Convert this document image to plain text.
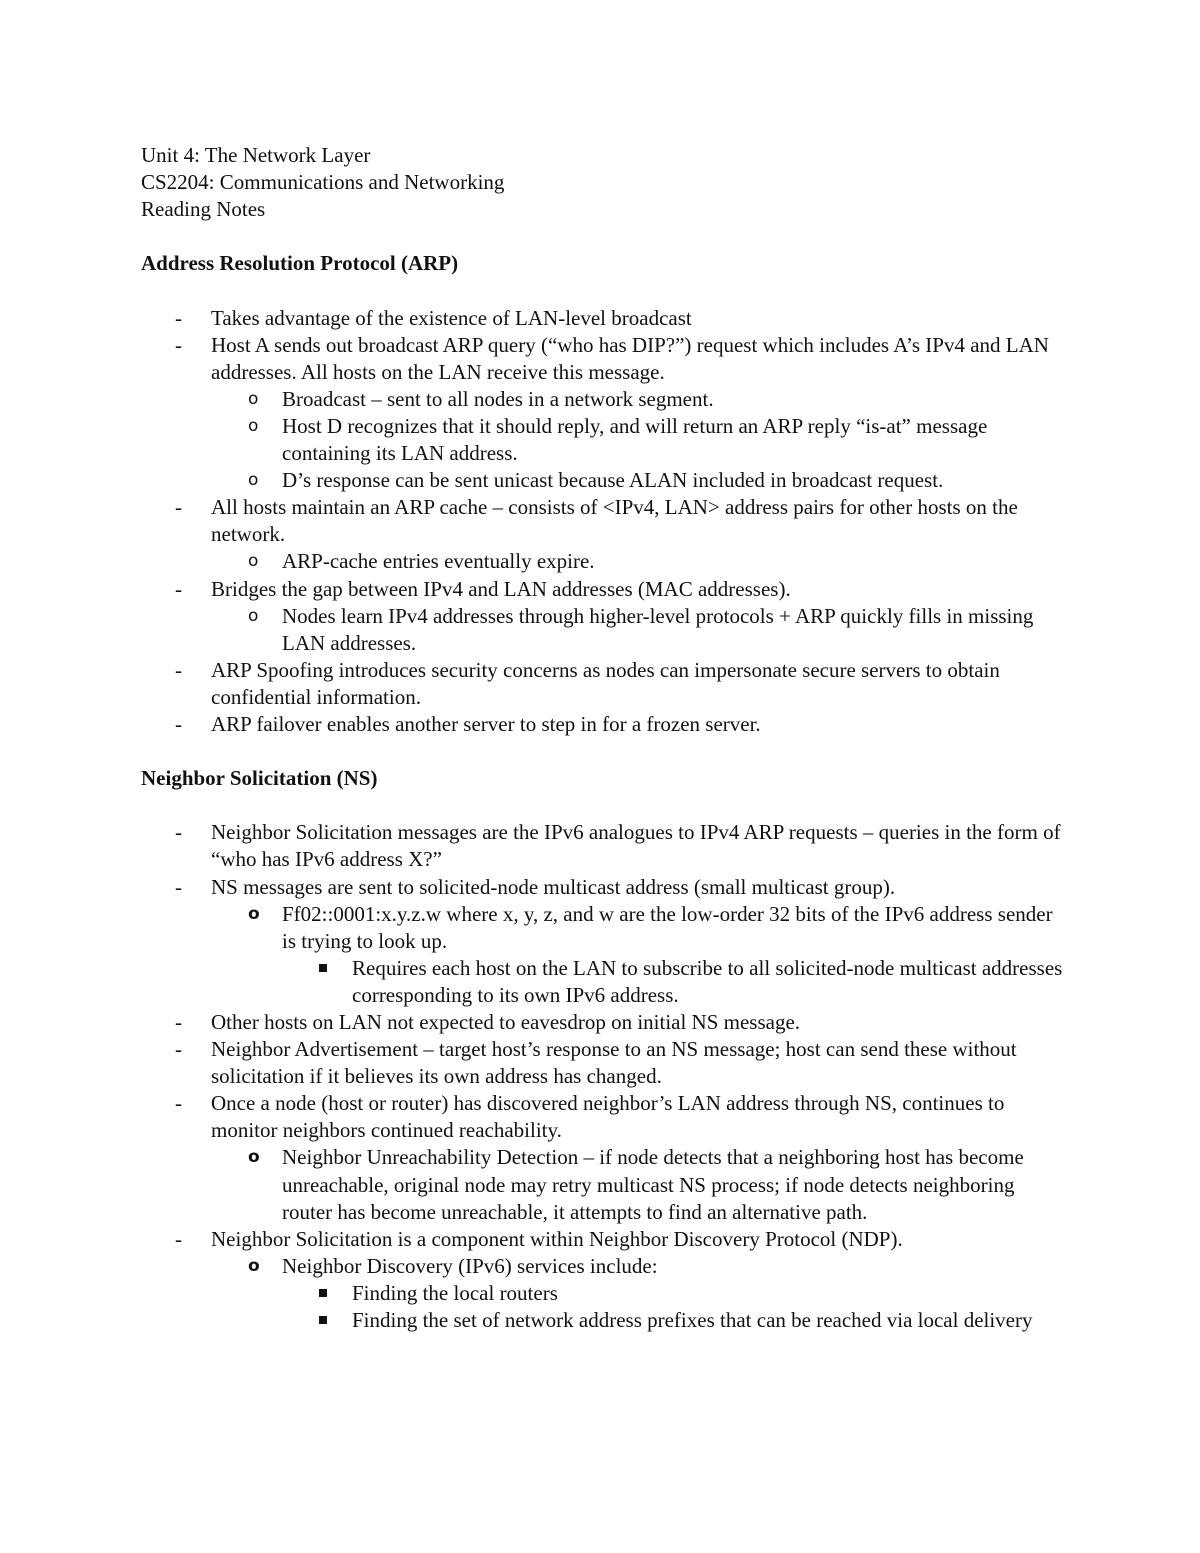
Unit 4: The Network Layer
CS2204: Communications and Networking
Reading Notes
Address Resolution Protocol (ARP)
-
Takes advantage of the existence of LAN-level broadcast
-
Host A sends out broadcast ARP query (“who has DIP?”) request which includes A’s IPv4 and LAN addresses. All hosts on the LAN receive this message.
o
Broadcast – sent to all nodes in a network segment.
o
Host D recognizes that it should reply, and will return an ARP reply “is-at” message containing its LAN address.
o
D’s response can be sent unicast because ALAN included in broadcast request.
-
All hosts maintain an ARP cache – consists of <IPv4, LAN> address pairs for other hosts on the network.
o
ARP-cache entries eventually expire.
-
Bridges the gap between IPv4 and LAN addresses (MAC addresses).
o
Nodes learn IPv4 addresses through higher-level protocols + ARP quickly fills in missing LAN addresses.
-
ARP Spoofing introduces security concerns as nodes can impersonate secure servers to obtain confidential information.
-
ARP failover enables another server to step in for a frozen server.
Neighbor Solicitation (NS)
-
Neighbor Solicitation messages are the IPv6 analogues to IPv4 ARP requests – queries in the form of “who has IPv6 address X?”
-
NS messages are sent to solicited-node multicast address (small multicast group).
o
Ff02::0001:x.y.z.w where x, y, z, and w are the low-order 32 bits of the IPv6 address sender is trying to look up.
Requires each host on the LAN to subscribe to all solicited-node multicast addresses corresponding to its own IPv6 address.
-
Other hosts on LAN not expected to eavesdrop on initial NS message.
-
Neighbor Advertisement – target host’s response to an NS message; host can send these without solicitation if it believes its own address has changed.
-
Once a node (host or router) has discovered neighbor’s LAN address through NS, continues to monitor neighbors continued reachability.
o
Neighbor Unreachability Detection – if node detects that a neighboring host has become unreachable, original node may retry multicast NS process; if node detects neighboring router has become unreachable, it attempts to find an alternative path.
-
Neighbor Solicitation is a component within Neighbor Discovery Protocol (NDP).
o
Neighbor Discovery (IPv6) services include:
Finding the local routers
Finding the set of network address prefixes that can be reached via local delivery
